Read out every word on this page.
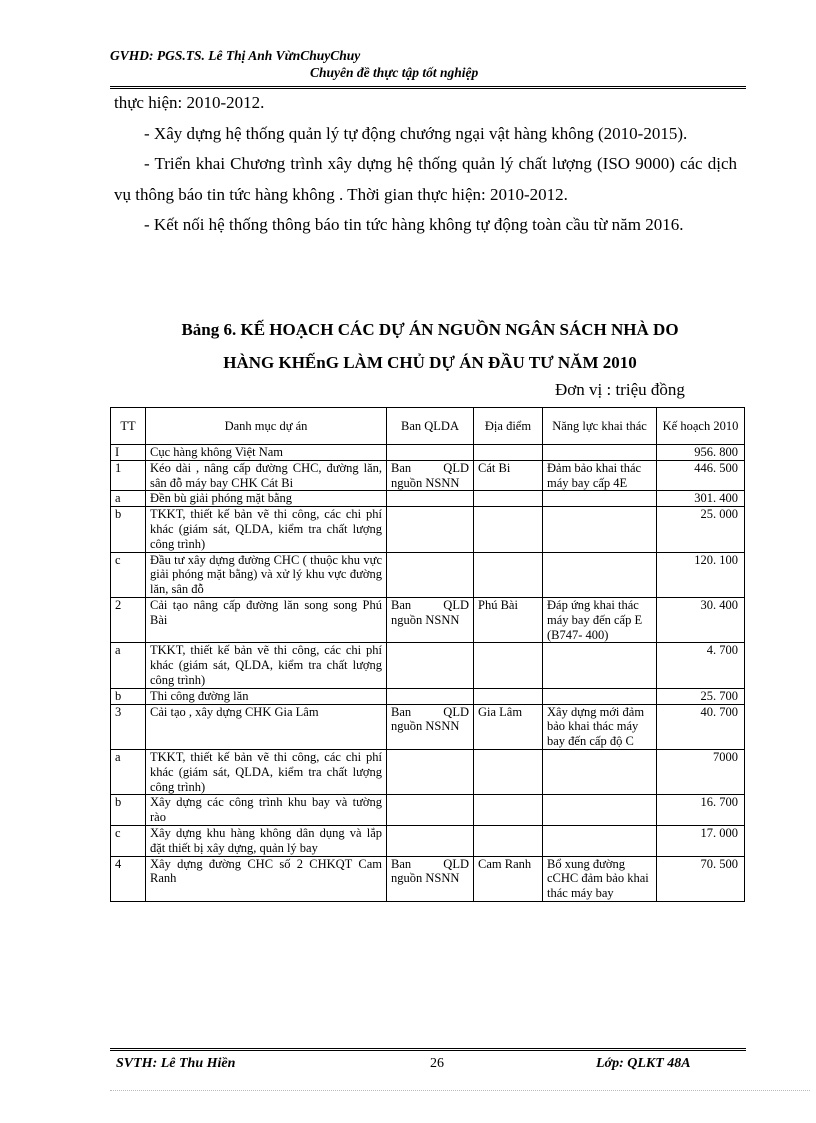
GVHD: PGS.TS. Lê Thị Anh VừnChuyChuy
Chuyên đề thực tập tốt nghiệp

thực hiện: 2010-2012.

- Xây dựng hệ thống quản lý tự động chướng ngại vật hàng không (2010-2015).

- Triển khai Chương trình xây dựng hệ thống quản lý chất lượng (ISO 9000) các dịch vụ thông báo tin tức hàng không . Thời gian thực hiện: 2010-2012.

- Kết nối hệ thống thông báo tin tức hàng không tự động toàn cầu từ năm 2016.

Bảng 6. KẾ HOẠCH CÁC DỰ ÁN NGUỒN NGÂN SÁCH NHÀ DO
HÀNG KHẾnG LÀM CHỦ DỰ ÁN ĐẦU TƯ NĂM 2010
Đơn vị : triệu đồng
TT	Danh mục dự án	Ban QLDA	Địa điểm	Năng lực khai thác	Kế hoạch 2010
I	Cục hàng không Việt Nam				956. 800
1	Kéo dài , nâng cấp đường CHC, đường lăn, sân đỗ máy bay CHK Cát Bi	Ban QLD nguồn NSNN	Cát Bi	Đảm bảo khai thác máy bay cấp 4E	446. 500
a	Đền bù giải phóng mặt bằng				301. 400
b	TKKT, thiết kế bản vẽ thi công, các chi phí khác (giám sát, QLDA, kiểm tra chất lượng công trình)				25. 000
c	Đầu tư xây dựng đường CHC ( thuộc khu vực giải phóng mặt bằng) và xử lý khu vực đường lăn, sân đỗ				120. 100
2	Cải tạo nâng cấp đường lăn song song Phú Bài	Ban QLD nguồn NSNN	Phú Bài	Đáp ứng khai thác máy bay đến cấp E (B747- 400)	30. 400
a	TKKT, thiết kế bản vẽ thi công, các chi phí khác (giám sát, QLDA, kiểm tra chất lượng công trình)				4. 700
b	Thi công đường lăn				25. 700
3	Cải tạo , xây dựng CHK Gia Lâm	Ban QLD nguồn NSNN	Gia Lâm	Xây dựng mới đảm bảo khai thác máy bay đến cấp độ C	40. 700
a	TKKT, thiết kế bản vẽ thi công, các chi phí khác (giám sát, QLDA, kiểm tra chất lượng công trình)				7000
b	Xây dựng các công trình khu bay và tường rào				16. 700
c	Xây dựng khu hàng không dân dụng và lắp đặt thiết bị xây dựng, quản lý bay				17. 000
4	Xây dựng đường CHC số 2 CHKQT Cam Ranh	Ban QLD nguồn NSNN	Cam Ranh	Bổ xung đường cCHC đảm bảo khai thác máy bay	70. 500
SVTH: Lê Thu Hiền	26	Lớp: QLKT 48A
